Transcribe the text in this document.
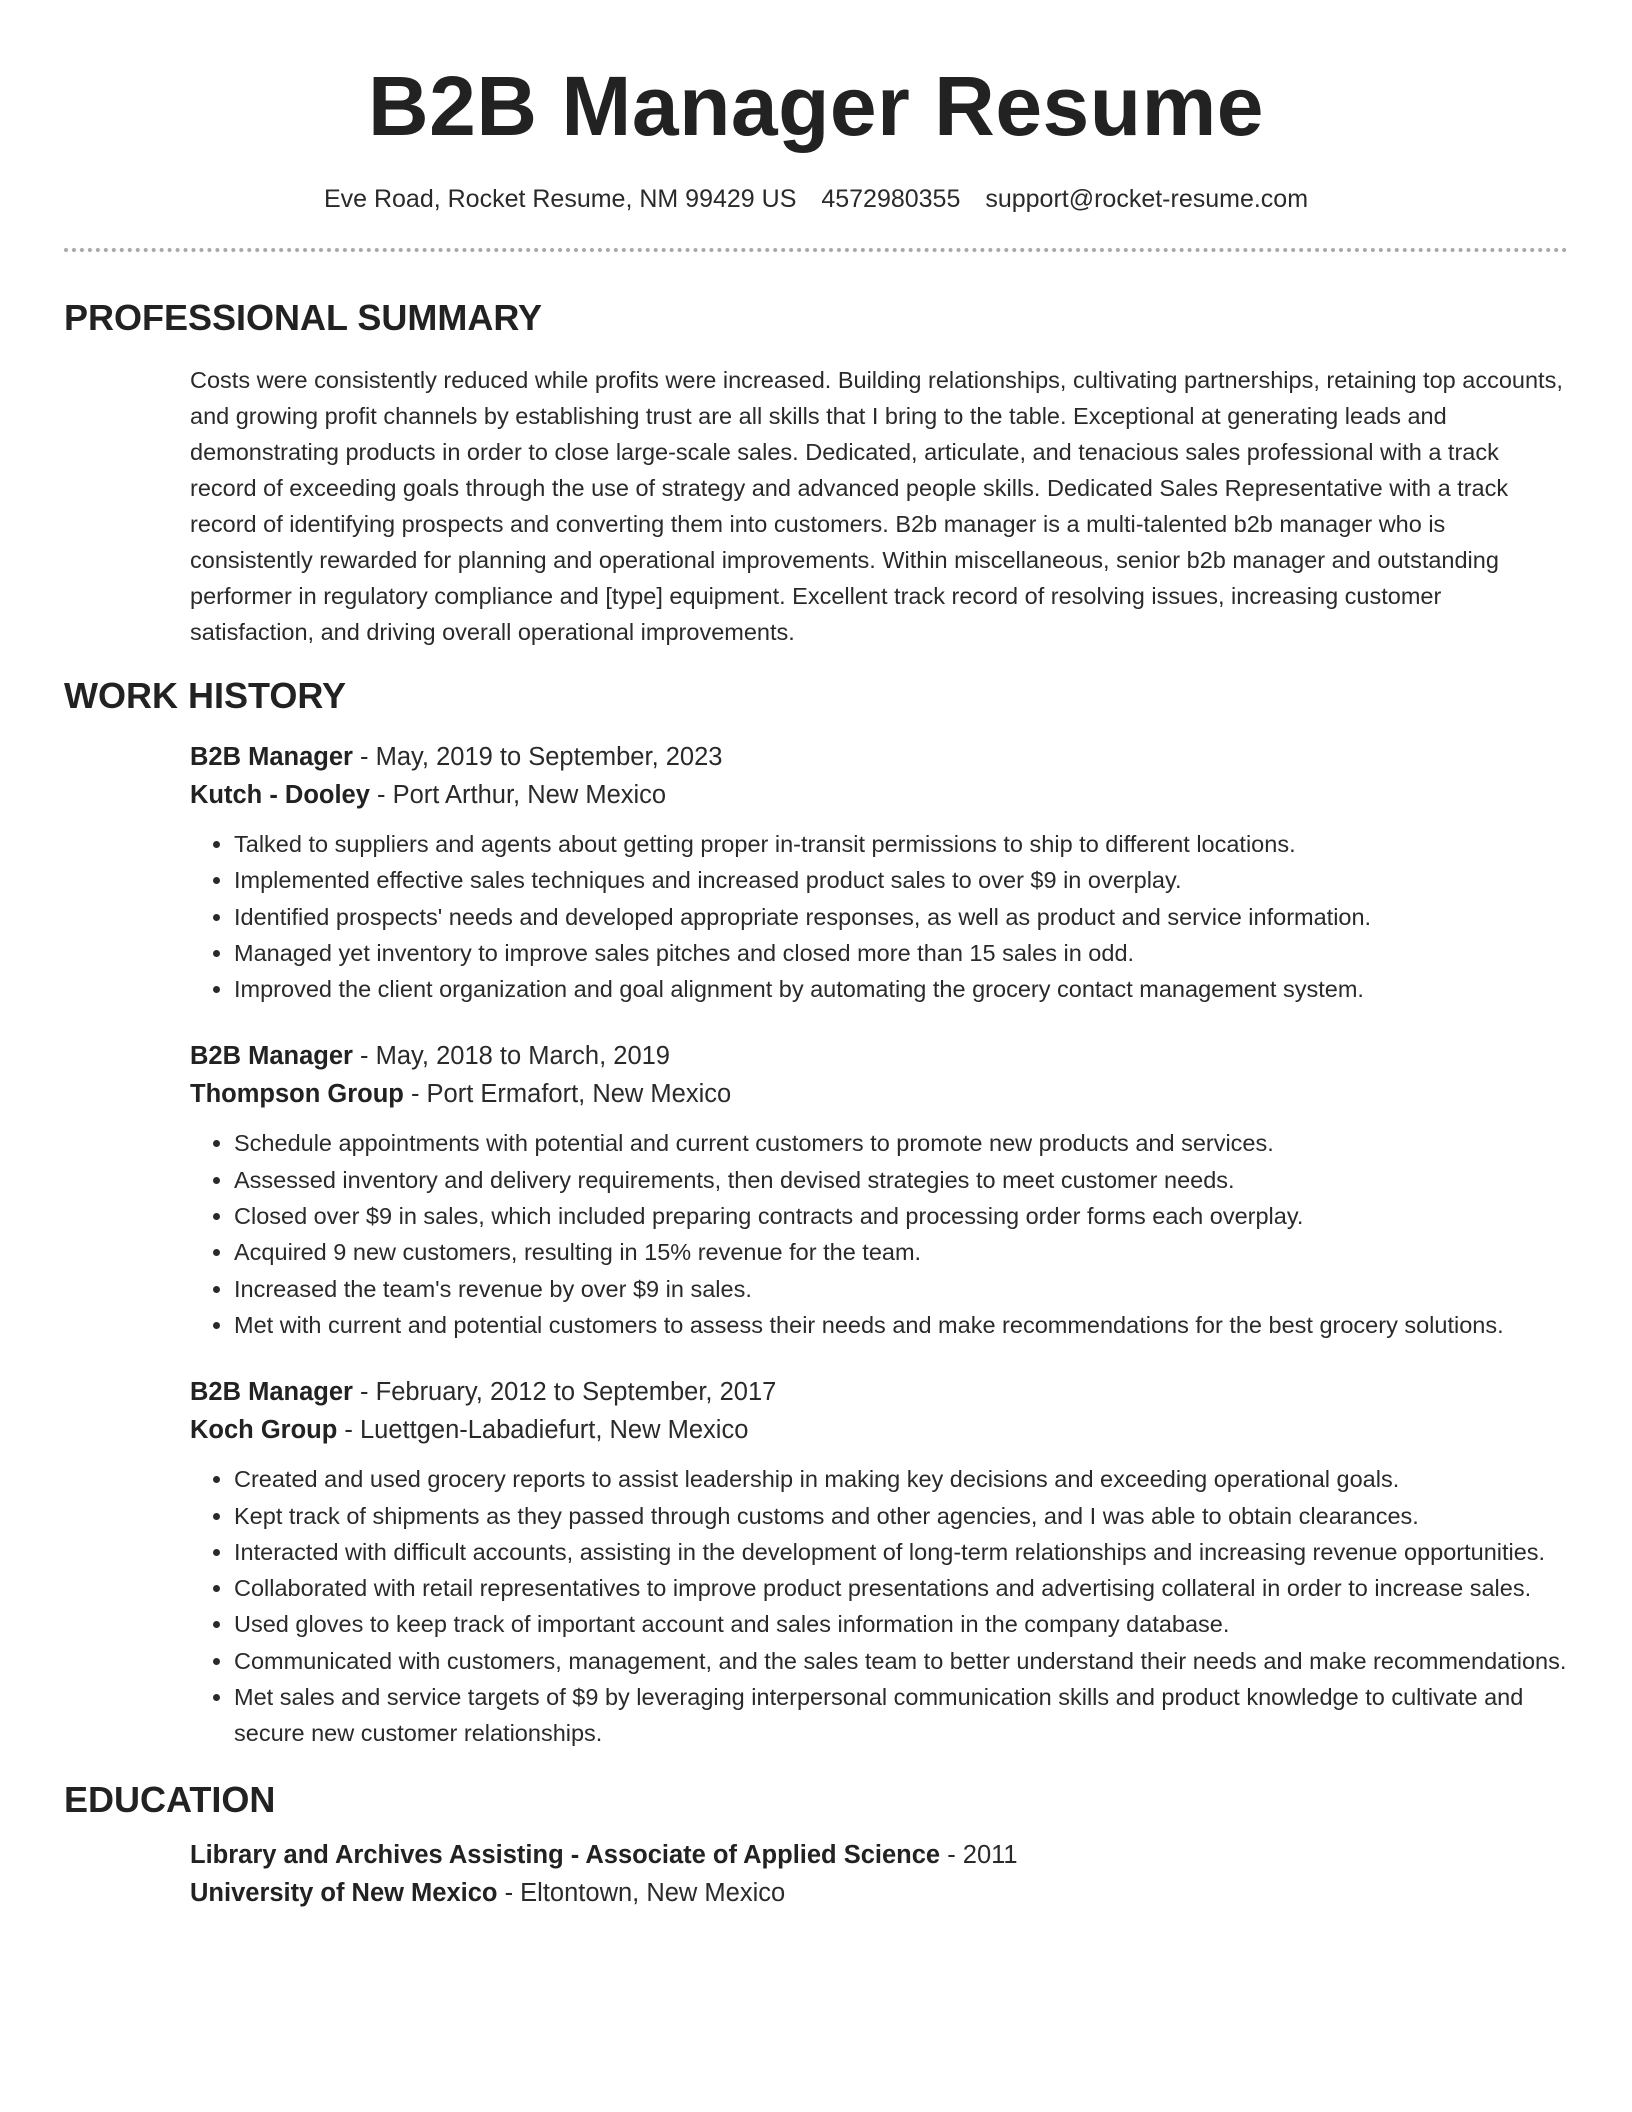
B2B Manager Resume
Eve Road, Rocket Resume, NM 99429 US 4572980355 support@rocket-resume.com
PROFESSIONAL SUMMARY

Costs were consistently reduced while profits were increased. Building relationships, cultivating partnerships, retaining top accounts, and growing profit channels by establishing trust are all skills that I bring to the table. Exceptional at generating leads and demonstrating products in order to close large-scale sales. Dedicated, articulate, and tenacious sales professional with a track record of exceeding goals through the use of strategy and advanced people skills. Dedicated Sales Representative with a track record of identifying prospects and converting them into customers. B2b manager is a multi-talented b2b manager who is consistently rewarded for planning and operational improvements. Within miscellaneous, senior b2b manager and outstanding performer in regulatory compliance and [type] equipment. Excellent track record of resolving issues, increasing customer satisfaction, and driving overall operational improvements.

WORK HISTORY
B2B Manager - May, 2019 to September, 2023
Kutch - Dooley - Port Arthur, New Mexico
• Talked to suppliers and agents about getting proper in-transit permissions to ship to different locations.
• Implemented effective sales techniques and increased product sales to over $9 in overplay.
• Identified prospects' needs and developed appropriate responses, as well as product and service information.
• Managed yet inventory to improve sales pitches and closed more than 15 sales in odd.
• Improved the client organization and goal alignment by automating the grocery contact management system.
B2B Manager - May, 2018 to March, 2019
Thompson Group - Port Ermafort, New Mexico
• Schedule appointments with potential and current customers to promote new products and services.
• Assessed inventory and delivery requirements, then devised strategies to meet customer needs.
• Closed over $9 in sales, which included preparing contracts and processing order forms each overplay.
• Acquired 9 new customers, resulting in 15% revenue for the team.
• Increased the team's revenue by over $9 in sales.
• Met with current and potential customers to assess their needs and make recommendations for the best grocery solutions.
B2B Manager - February, 2012 to September, 2017
Koch Group - Luettgen-Labadiefurt, New Mexico
• Created and used grocery reports to assist leadership in making key decisions and exceeding operational goals.
• Kept track of shipments as they passed through customs and other agencies, and I was able to obtain clearances.
• Interacted with difficult accounts, assisting in the development of long-term relationships and increasing revenue opportunities.
• Collaborated with retail representatives to improve product presentations and advertising collateral in order to increase sales.
• Used gloves to keep track of important account and sales information in the company database.
• Communicated with customers, management, and the sales team to better understand their needs and make recommendations.
• Met sales and service targets of $9 by leveraging interpersonal communication skills and product knowledge to cultivate and secure new customer relationships.
EDUCATION
Library and Archives Assisting - Associate of Applied Science - 2011
University of New Mexico - Eltontown, New Mexico
